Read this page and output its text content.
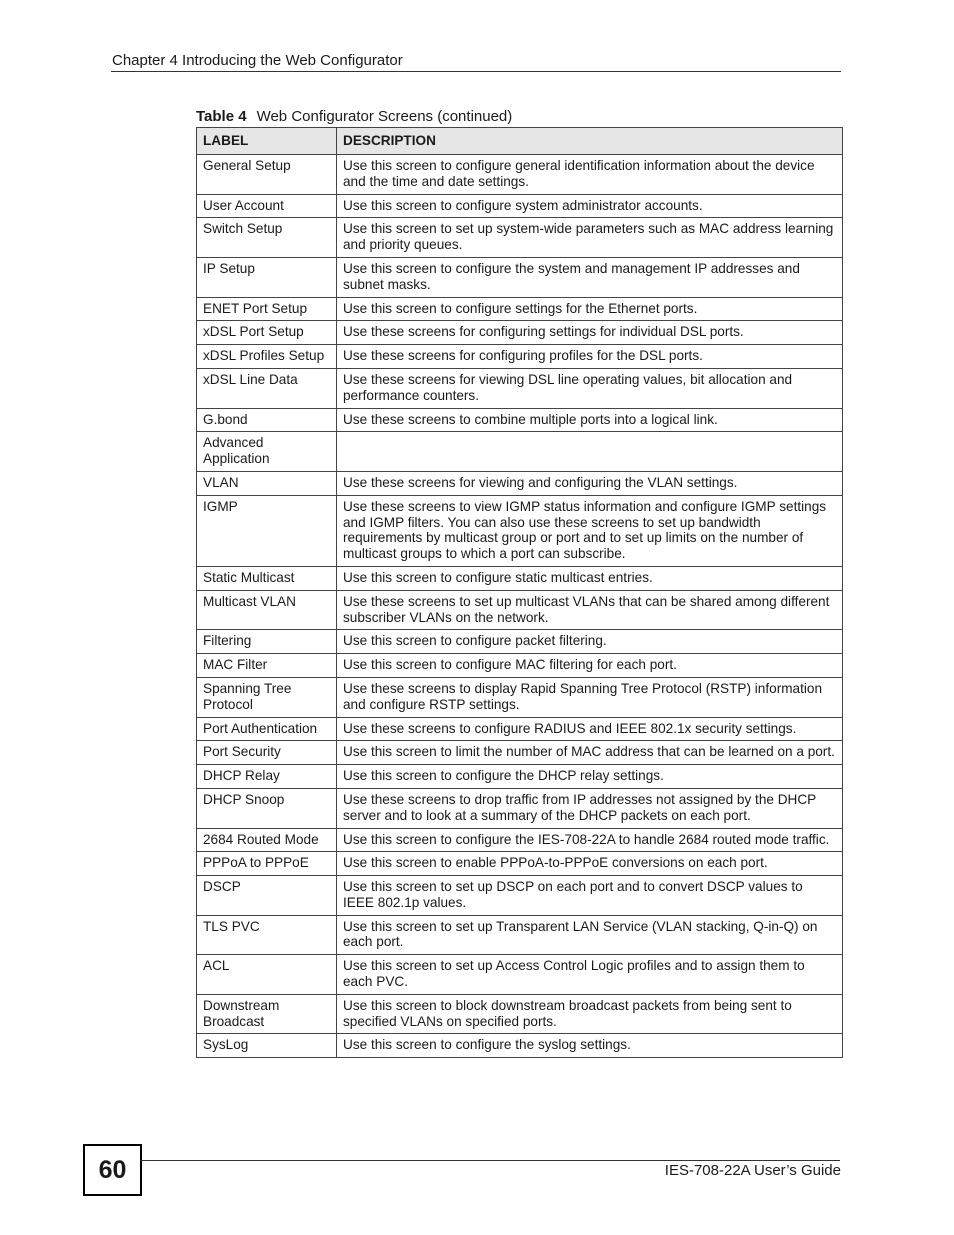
Chapter 4 Introducing the Web Configurator
Table 4 Web Configurator Screens (continued)
LABEL	DESCRIPTION
General Setup	Use this screen to configure general identification information about the device and the time and date settings.
User Account	Use this screen to configure system administrator accounts.
Switch Setup	Use this screen to set up system-wide parameters such as MAC address learning and priority queues.
IP Setup	Use this screen to configure the system and management IP addresses and subnet masks.
ENET Port Setup	Use this screen to configure settings for the Ethernet ports.
xDSL Port Setup	Use these screens for configuring settings for individual DSL ports.
xDSL Profiles Setup	Use these screens for configuring profiles for the DSL ports.
xDSL Line Data	Use these screens for viewing DSL line operating values, bit allocation and performance counters.
G.bond	Use these screens to combine multiple ports into a logical link.
Advanced Application	
VLAN	Use these screens for viewing and configuring the VLAN settings.
IGMP	Use these screens to view IGMP status information and configure IGMP settings and IGMP filters. You can also use these screens to set up bandwidth requirements by multicast group or port and to set up limits on the number of multicast groups to which a port can subscribe.
Static Multicast	Use this screen to configure static multicast entries.
Multicast VLAN	Use these screens to set up multicast VLANs that can be shared among different subscriber VLANs on the network.
Filtering	Use this screen to configure packet filtering.
MAC Filter	Use this screen to configure MAC filtering for each port.
Spanning Tree Protocol	Use these screens to display Rapid Spanning Tree Protocol (RSTP) information and configure RSTP settings.
Port Authentication	Use these screens to configure RADIUS and IEEE 802.1x security settings.
Port Security	Use this screen to limit the number of MAC address that can be learned on a port.
DHCP Relay	Use this screen to configure the DHCP relay settings.
DHCP Snoop	Use these screens to drop traffic from IP addresses not assigned by the DHCP server and to look at a summary of the DHCP packets on each port.
2684 Routed Mode	Use this screen to configure the IES-708-22A to handle 2684 routed mode traffic.
PPPoA to PPPoE	Use this screen to enable PPPoA-to-PPPoE conversions on each port.
DSCP	Use this screen to set up DSCP on each port and to convert DSCP values to IEEE 802.1p values.
TLS PVC	Use this screen to set up Transparent LAN Service (VLAN stacking, Q-in-Q) on each port.
ACL	Use this screen to set up Access Control Logic profiles and to assign them to each PVC.
Downstream Broadcast	Use this screen to block downstream broadcast packets from being sent to specified VLANs on specified ports.
SysLog	Use this screen to configure the syslog settings.
60	IES-708-22A User’s Guide
